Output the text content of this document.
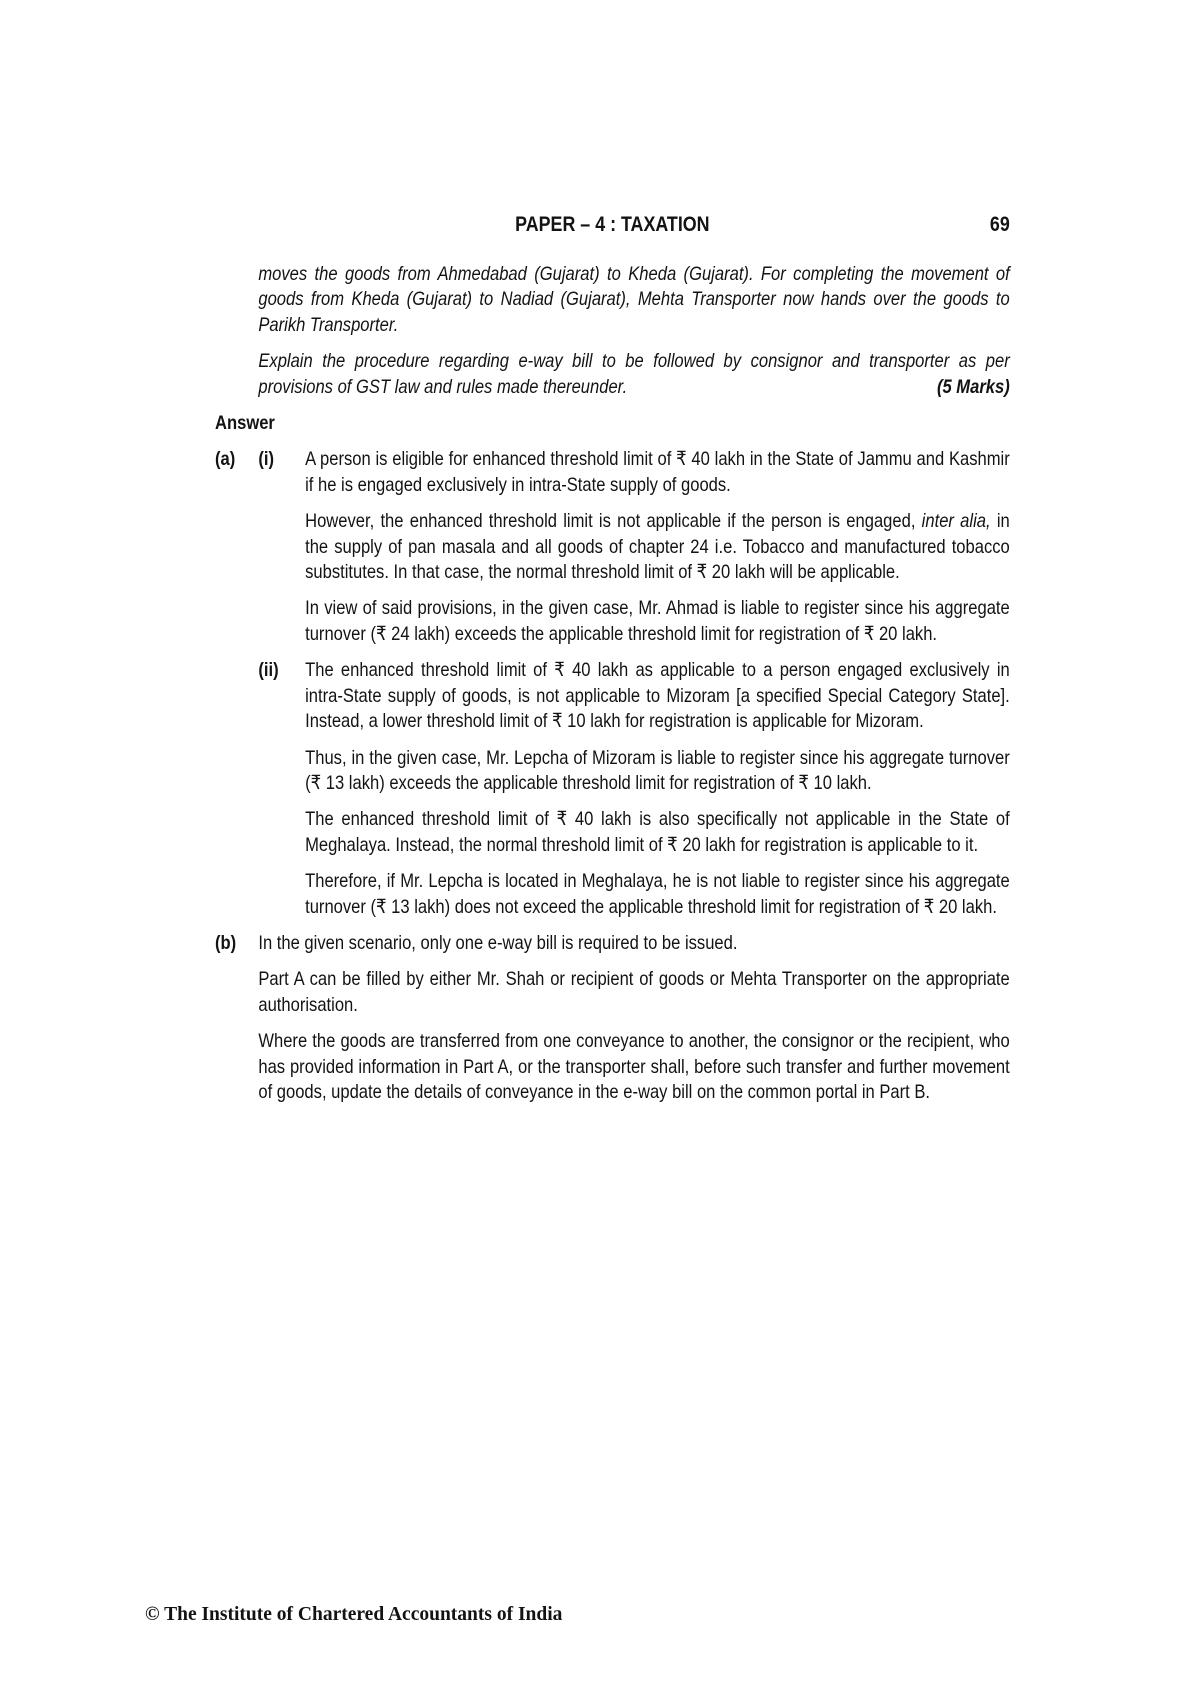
PAPER – 4 : TAXATION	69
moves the goods from Ahmedabad (Gujarat) to Kheda (Gujarat). For completing the movement of goods from Kheda (Gujarat) to Nadiad (Gujarat), Mehta Transporter now hands over the goods to Parikh Transporter.
Explain the procedure regarding e-way bill to be followed by consignor and transporter as per provisions of GST law and rules made thereunder.	(5 Marks)
Answer
(a)	(i)	A person is eligible for enhanced threshold limit of ₹ 40 lakh in the State of Jammu and Kashmir if he is engaged exclusively in intra-State supply of goods.
However, the enhanced threshold limit is not applicable if the person is engaged, inter alia, in the supply of pan masala and all goods of chapter 24 i.e. Tobacco and manufactured tobacco substitutes. In that case, the normal threshold limit of ₹ 20 lakh will be applicable.
In view of said provisions, in the given case, Mr. Ahmad is liable to register since his aggregate turnover (₹ 24 lakh) exceeds the applicable threshold limit for registration of ₹ 20 lakh.
(ii)	The enhanced threshold limit of ₹ 40 lakh as applicable to a person engaged exclusively in intra-State supply of goods, is not applicable to Mizoram [a specified Special Category State]. Instead, a lower threshold limit of ₹ 10 lakh for registration is applicable for Mizoram.
Thus, in the given case, Mr. Lepcha of Mizoram is liable to register since his aggregate turnover (₹ 13 lakh) exceeds the applicable threshold limit for registration of ₹ 10 lakh.
The enhanced threshold limit of ₹ 40 lakh is also specifically not applicable in the State of Meghalaya. Instead, the normal threshold limit of ₹ 20 lakh for registration is applicable to it.
Therefore, if Mr. Lepcha is located in Meghalaya, he is not liable to register since his aggregate turnover (₹ 13 lakh) does not exceed the applicable threshold limit for registration of ₹ 20 lakh.
(b)	In the given scenario, only one e-way bill is required to be issued.
Part A can be filled by either Mr. Shah or recipient of goods or Mehta Transporter on the appropriate authorisation.
Where the goods are transferred from one conveyance to another, the consignor or the recipient, who has provided information in Part A, or the transporter shall, before such transfer and further movement of goods, update the details of conveyance in the e-way bill on the common portal in Part B.
© The Institute of Chartered Accountants of India
